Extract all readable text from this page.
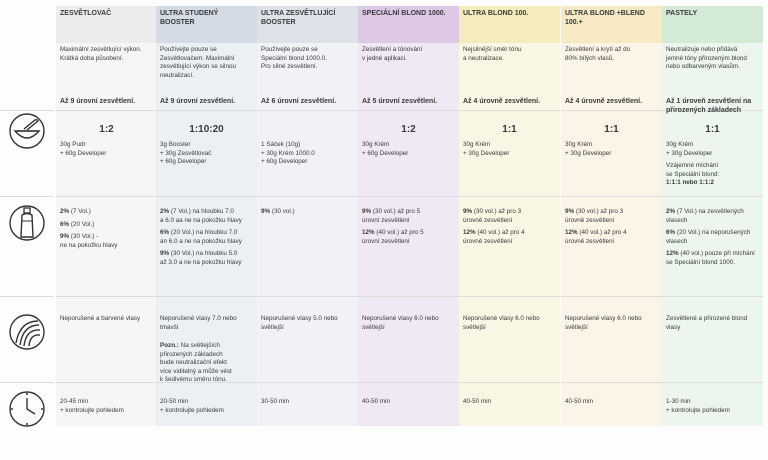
ZESVĚTLOVAČ
Maximální zesvětlující výkon.
Krátká doba působení.
Až 9 úrovní zesvětlení.
1:2
30g Pudr
+ 60g Developer
2% (7 Vol.)

6% (20 Vol.)

9% (30 Vol.) -
ne na pokožku hlavy
Neporušené a barvené vlasy
20-45 min
+ kontrolujte pohledem
ULTRA STUDENÝ BOOSTER
Používejte pouze se
Zesvětlovačem. Maximální
zesvětlující výkon se silnou
neutralizací.
Až 9 úrovní zesvětlení.
1:10:20
3g Booster
+ 30g Zesvětlovač
+ 60g Developer
2% (7 Vol.) na hloubku 7.0
a 6.0 aa ne na pokožku hlavy

6% (20 Vol.) na hloubku 7.0
an 6.0 a ne na pokožku hlavy

9% (30 Vol.) na hloubku 5.0
až 3.0 a ne na pokožku hlavy
Neporušené vlasy 7.0 nebo
tmavší
Pozn.: Na světlejších
přirozených základech
bude neutralizační efekt
více viditelný a může vést
k šedivému směru tónu.
20-50 min
+ kontrolujte pohledem
ULTRA ZESVĚTLUJÍCÍ BOOSTER
Používejte pouze se
Speciální blond 1000.0.
Pro silné zesvětlení.
Až 6 úrovní zesvětlení.
1 Sáček (10g)
+ 30g Krém 1000.0
+ 60g Developer
9% (30 vol.)
Neporušené vlasy 5.0 nebo
světlejší
30-50 min
SPECIÁLNÍ BLOND 1000.
Zesvětlení a tónování
v jedné aplikaci.
Až 5 úrovní zesvětlení.
1:2
30g Krém
+ 60g Developer
9% (30 vol.) až pro 5
úrovní zesvětlení

12% (40 vol.) až pro 5
úrovní zesvětlení
Neporušené vlasy 6.0 nebo
světlejší
40-50 min
ULTRA BLOND 100.
Nejsilnější směr tónu
a neutralizace.
Až 4 úrovně zesvětlení.
1:1
30g Krém
+ 30g Developer
9% (30 vol.) až pro 3
úrovně zesvětlení

12% (40 vol.) až pro 4
úrovně zesvětlení
Neporušené vlasy 6.0 nebo
světlejší
40-50 min
ULTRA BLOND +BLEND 100.+
Zesvětlení a krytí až do
80% bílých vlasů.
Až 4 úrovně zesvětlení.
1:1
30g Krém
+ 30g Developer
9% (30 vol.) až pro 3
úrovně zesvětlení

12% (40 vol.) až pro 4
úrovně zesvětlení
Neporušené vlasy 6.0 nebo
světlejší
40-50 min
PASTELY
Neutralizuje nebo přidává
jemné tóny přirozeným blond
nebo odbarveným vlasům.
Až 1 úroveň zesvětlení na přirozených základech
1:1
30g Krém
+ 30g Developer

Vzájemné míchání
se Speciální blond:
1:1:1 nebo 1:1:2
2% (7 Vol.) na zesvětlených
vlasech

6% (20 Vol.) na neporušených
vlasech

12% (40 vol.) pouze při míchání
se Speciální blond 1000.
Zesvětlené a přirozené blond
vlasy
1-30 min
+ kontrolujte pohledem
